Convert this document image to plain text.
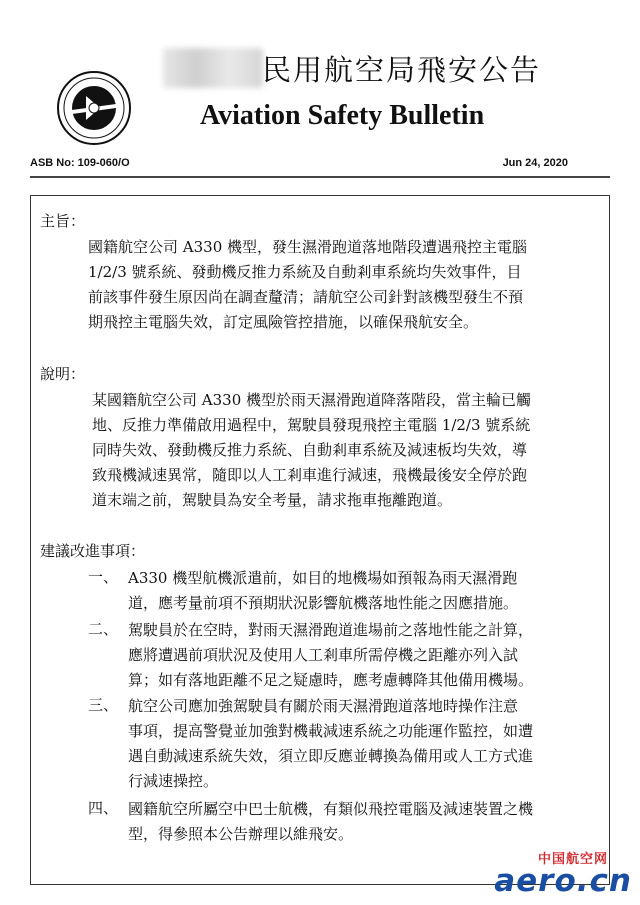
民用航空局飛安公告
Aviation Safety Bulletin
ASB No: 109-060/O	Jun 24, 2020
主旨：
國籍航空公司 A330 機型，發生濕滑跑道落地階段遭遇飛控主電腦
1/2/3 號系統、發動機反推力系統及自動剎車系統均失效事件，目
前該事件發生原因尚在調查釐清；請航空公司針對該機型發生不預
期飛控主電腦失效，訂定風險管控措施，以確保飛航安全。
說明：
某國籍航空公司 A330 機型於雨天濕滑跑道降落階段，當主輪已觸
地、反推力準備啟用過程中，駕駛員發現飛控主電腦 1/2/3 號系統
同時失效、發動機反推力系統、自動剎車系統及減速板均失效，導
致飛機減速異常，隨即以人工剎車進行減速，飛機最後安全停於跑
道末端之前，駕駛員為安全考量，請求拖車拖離跑道。
建議改進事項：
一、 A330 機型航機派遣前，如目的地機場如預報為雨天濕滑跑
道，應考量前項不預期狀況影響航機落地性能之因應措施。
二、 駕駛員於在空時，對雨天濕滑跑道進場前之落地性能之計算，
應將遭遇前項狀況及使用人工剎車所需停機之距離亦列入試
算；如有落地距離不足之疑慮時，應考慮轉降其他備用機場。
三、 航空公司應加強駕駛員有關於雨天濕滑跑道落地時操作注意
事項，提高警覺並加強對機載減速系統之功能運作監控，如遭
遇自動減速系統失效，須立即反應並轉換為備用或人工方式進
行減速操控。
四、 國籍航空所屬空中巴士航機，有類似飛控電腦及減速裝置之機
型，得參照本公告辦理以維飛安。
中国航空网
aero.cn
